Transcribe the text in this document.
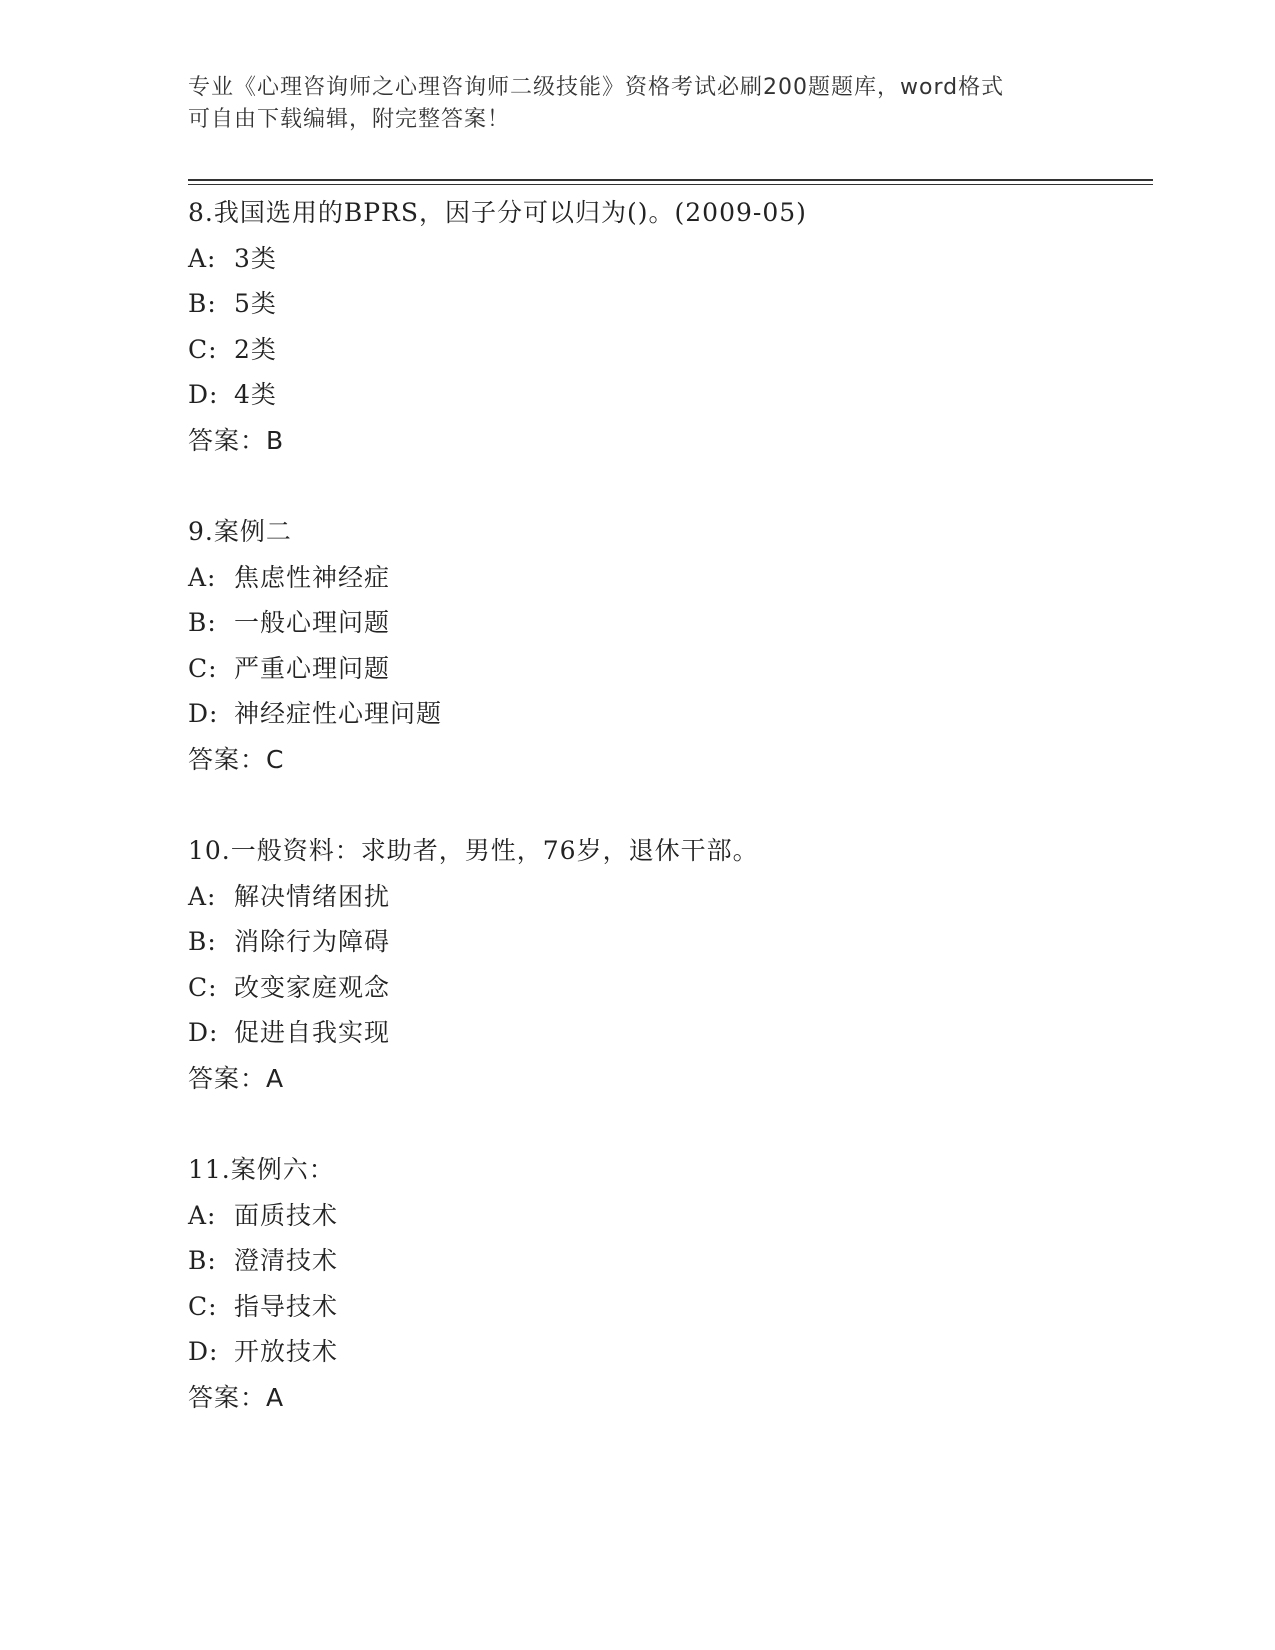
专业《心理咨询师之心理咨询师二级技能》资格考试必刷200题题库，word格式
可自由下载编辑，附完整答案！
8.我国选用的BPRS，因子分可以归为()。(2009-05)
A: 3类
B: 5类
C: 2类
D: 4类
答案：B
9.案例二
A: 焦虑性神经症
B: 一般心理问题
C: 严重心理问题
D: 神经症性心理问题
答案：C
10.一般资料：求助者，男性，76岁，退休干部。
A: 解决情绪困扰
B: 消除行为障碍
C: 改变家庭观念
D: 促进自我实现
答案：A
11.案例六：
A: 面质技术
B: 澄清技术
C: 指导技术
D: 开放技术
答案：A
